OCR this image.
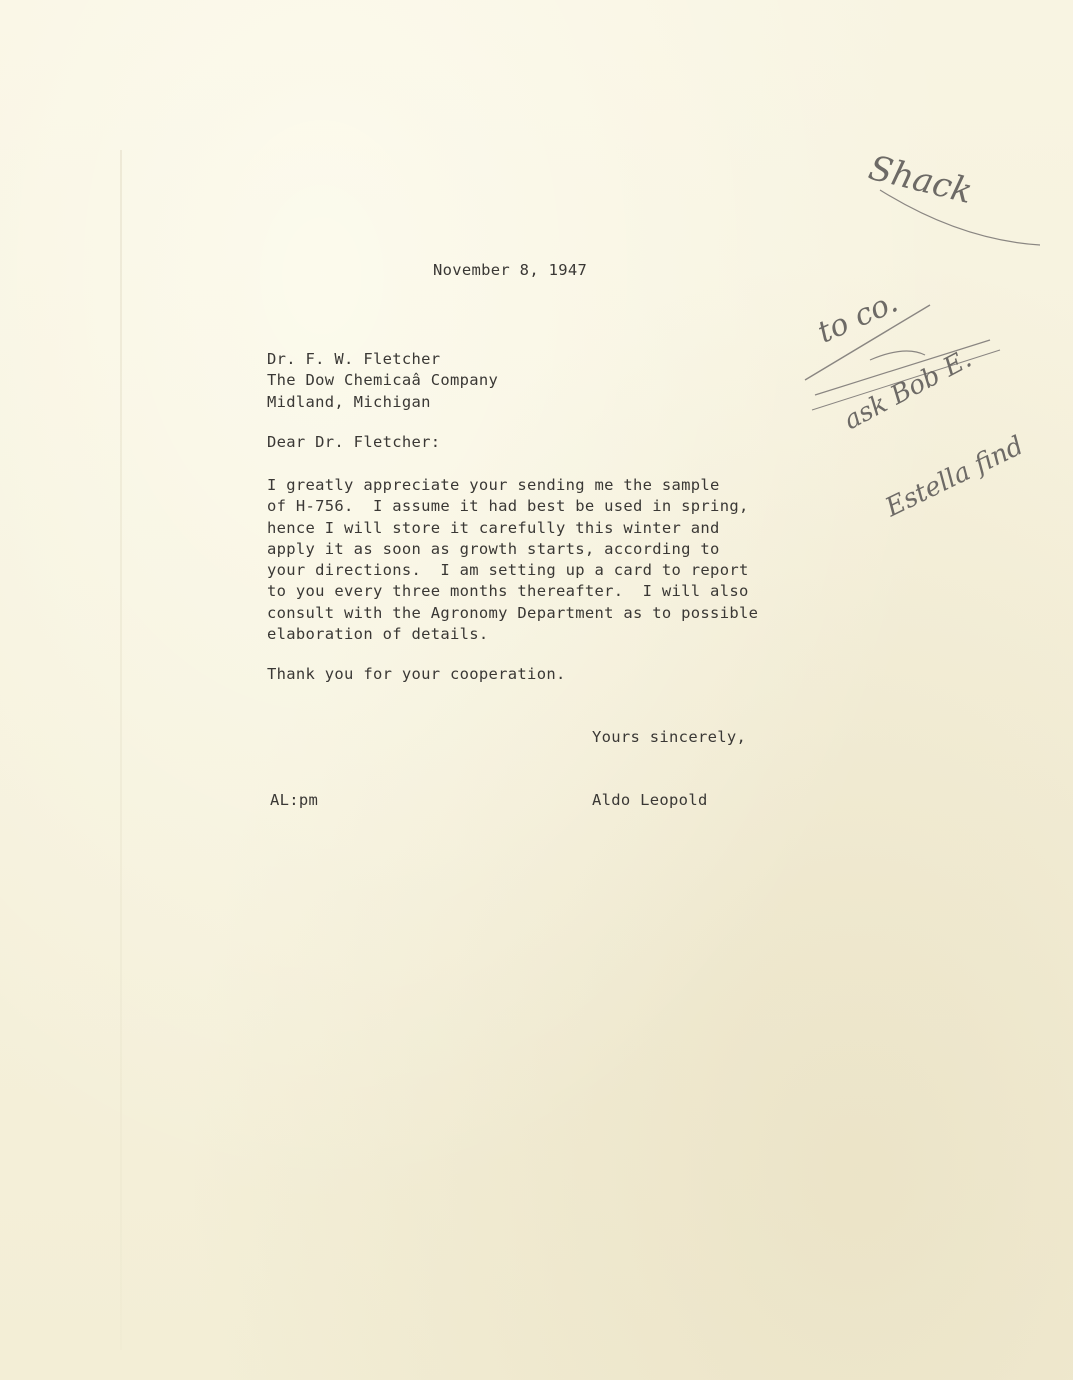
November 8, 1947
Dr. F. W. Fletcher
The Dow Chemicaâ Company
Midland, Michigan
Dear Dr. Fletcher:
I greatly appreciate your sending me the sample
of H-756.  I assume it had best be used in spring,
hence I will store it carefully this winter and
apply it as soon as growth starts, according to
your directions.  I am setting up a card to report
to you every three months thereafter.  I will also
consult with the Agronomy Department as to possible
elaboration of details.
Thank you for your cooperation.
Yours sincerely,
AL:pm	Aldo Leopold
Shack
to co.
ask Bob E.
Estella find
